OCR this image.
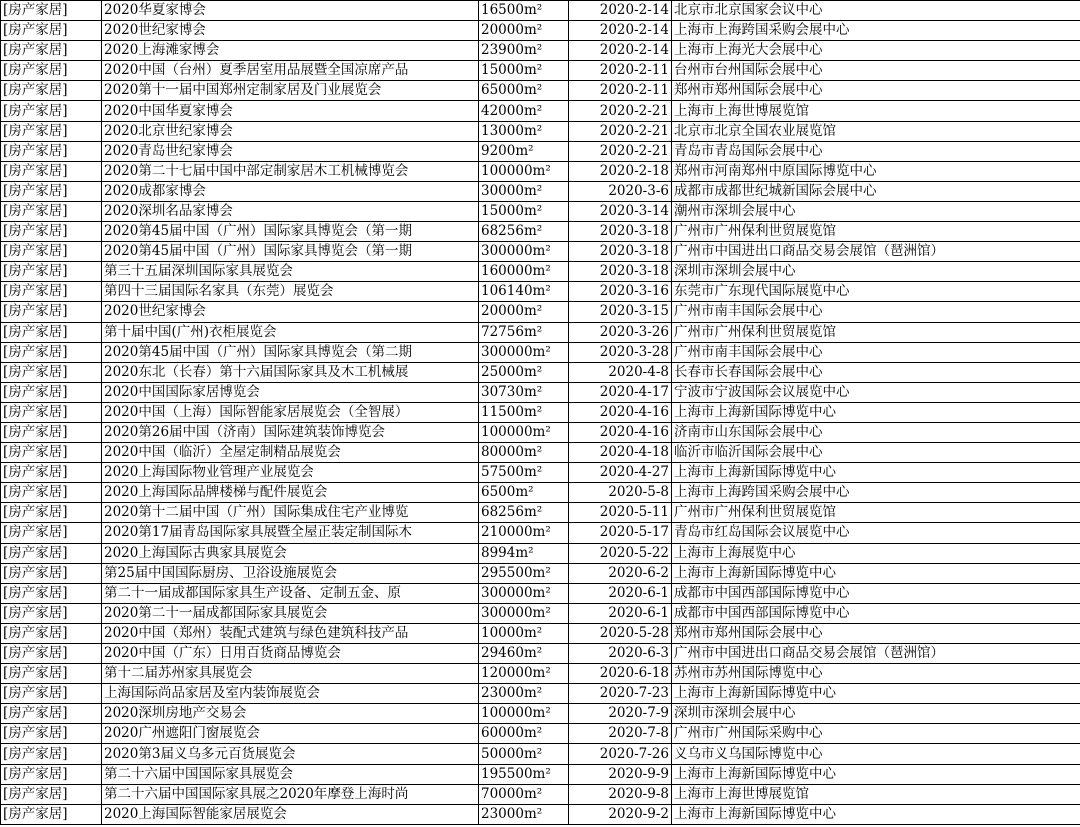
[房产家居]	2020华夏家博会	16500m²	2020-2-14	北京市北京国家会议中心
[房产家居]	2020世纪家博会	20000m²	2020-2-14	上海市上海跨国采购会展中心
[房产家居]	2020上海滩家博会	23900m²	2020-2-14	上海市上海光大会展中心
[房产家居]	2020中国（台州）夏季居室用品展暨全国凉席产品	15000m²	2020-2-11	台州市台州国际会展中心
[房产家居]	2020第十一届中国郑州定制家居及门业展览会	65000m²	2020-2-11	郑州市郑州国际会展中心
[房产家居]	2020中国华夏家博会	42000m²	2020-2-21	上海市上海世博展览馆
[房产家居]	2020北京世纪家博会	13000m²	2020-2-21	北京市北京全国农业展览馆
[房产家居]	2020青岛世纪家博会	9200m²	2020-2-21	青岛市青岛国际会展中心
[房产家居]	2020第二十七届中国中部定制家居木工机械博览会	100000m²	2020-2-18	郑州市河南郑州中原国际博览中心
[房产家居]	2020成都家博会	30000m²	2020-3-6	成都市成都世纪城新国际会展中心
[房产家居]	2020深圳名品家博会	15000m²	2020-3-14	潮州市深圳会展中心
[房产家居]	2020第45届中国（广州）国际家具博览会（第一期	68256m²	2020-3-18	广州市广州保利世贸展览馆
[房产家居]	2020第45届中国（广州）国际家具博览会（第一期	300000m²	2020-3-18	广州市中国进出口商品交易会展馆（琶洲馆）
[房产家居]	第三十五届深圳国际家具展览会	160000m²	2020-3-18	深圳市深圳会展中心
[房产家居]	第四十三届国际名家具（东莞）展览会	106140m²	2020-3-16	东莞市广东现代国际展览中心
[房产家居]	2020世纪家博会	20000m²	2020-3-15	广州市南丰国际会展中心
[房产家居]	第十届中国(广州)衣柜展览会	72756m²	2020-3-26	广州市广州保利世贸展览馆
[房产家居]	2020第45届中国（广州）国际家具博览会（第二期	300000m²	2020-3-28	广州市南丰国际会展中心
[房产家居]	2020东北（长春）第十六届国际家具及木工机械展	25000m²	2020-4-8	长春市长春国际会展中心
[房产家居]	2020中国国际家居博览会	30730m²	2020-4-17	宁波市宁波国际会议展览中心
[房产家居]	2020中国（上海）国际智能家居展览会（全智展）	11500m²	2020-4-16	上海市上海新国际博览中心
[房产家居]	2020第26届中国（济南）国际建筑装饰博览会	100000m²	2020-4-16	济南市山东国际会展中心
[房产家居]	2020中国（临沂）全屋定制精品展览会	80000m²	2020-4-18	临沂市临沂国际会展中心
[房产家居]	2020上海国际物业管理产业展览会	57500m²	2020-4-27	上海市上海新国际博览中心
[房产家居]	2020上海国际品牌楼梯与配件展览会	6500m²	2020-5-8	上海市上海跨国采购会展中心
[房产家居]	2020第十二届中国（广州）国际集成住宅产业博览	68256m²	2020-5-11	广州市广州保利世贸展览馆
[房产家居]	2020第17届青岛国际家具展暨全屋正装定制国际木	210000m²	2020-5-17	青岛市红岛国际会议展览中心
[房产家居]	2020上海国际古典家具展览会	8994m²	2020-5-22	上海市上海展览中心
[房产家居]	第25届中国国际厨房、卫浴设施展览会	295500m²	2020-6-2	上海市上海新国际博览中心
[房产家居]	第二十一届成都国际家具生产设备、定制五金、原	300000m²	2020-6-1	成都市中国西部国际博览中心
[房产家居]	2020第二十一届成都国际家具展览会	300000m²	2020-6-1	成都市中国西部国际博览中心
[房产家居]	2020中国（郑州）装配式建筑与绿色建筑科技产品	10000m²	2020-5-28	郑州市郑州国际会展中心
[房产家居]	2020中国（广东）日用百货商品博览会	29460m²	2020-6-3	广州市中国进出口商品交易会展馆（琶洲馆）
[房产家居]	第十二届苏州家具展览会	120000m²	2020-6-18	苏州市苏州国际博览中心
[房产家居]	上海国际尚品家居及室内装饰展览会	23000m²	2020-7-23	上海市上海新国际博览中心
[房产家居]	2020深圳房地产交易会	100000m²	2020-7-9	深圳市深圳会展中心
[房产家居]	2020广州遮阳门窗展览会	60000m²	2020-7-8	广州市广州国际采购中心
[房产家居]	2020第3届义乌多元百货展览会	50000m²	2020-7-26	义乌市义乌国际博览中心
[房产家居]	第二十六届中国国际家具展览会	195500m²	2020-9-9	上海市上海新国际博览中心
[房产家居]	第二十六届中国国际家具展之2020年摩登上海时尚	70000m²	2020-9-8	上海市上海世博展览馆
[房产家居]	2020上海国际智能家居展览会	23000m²	2020-9-2	上海市上海新国际博览中心
